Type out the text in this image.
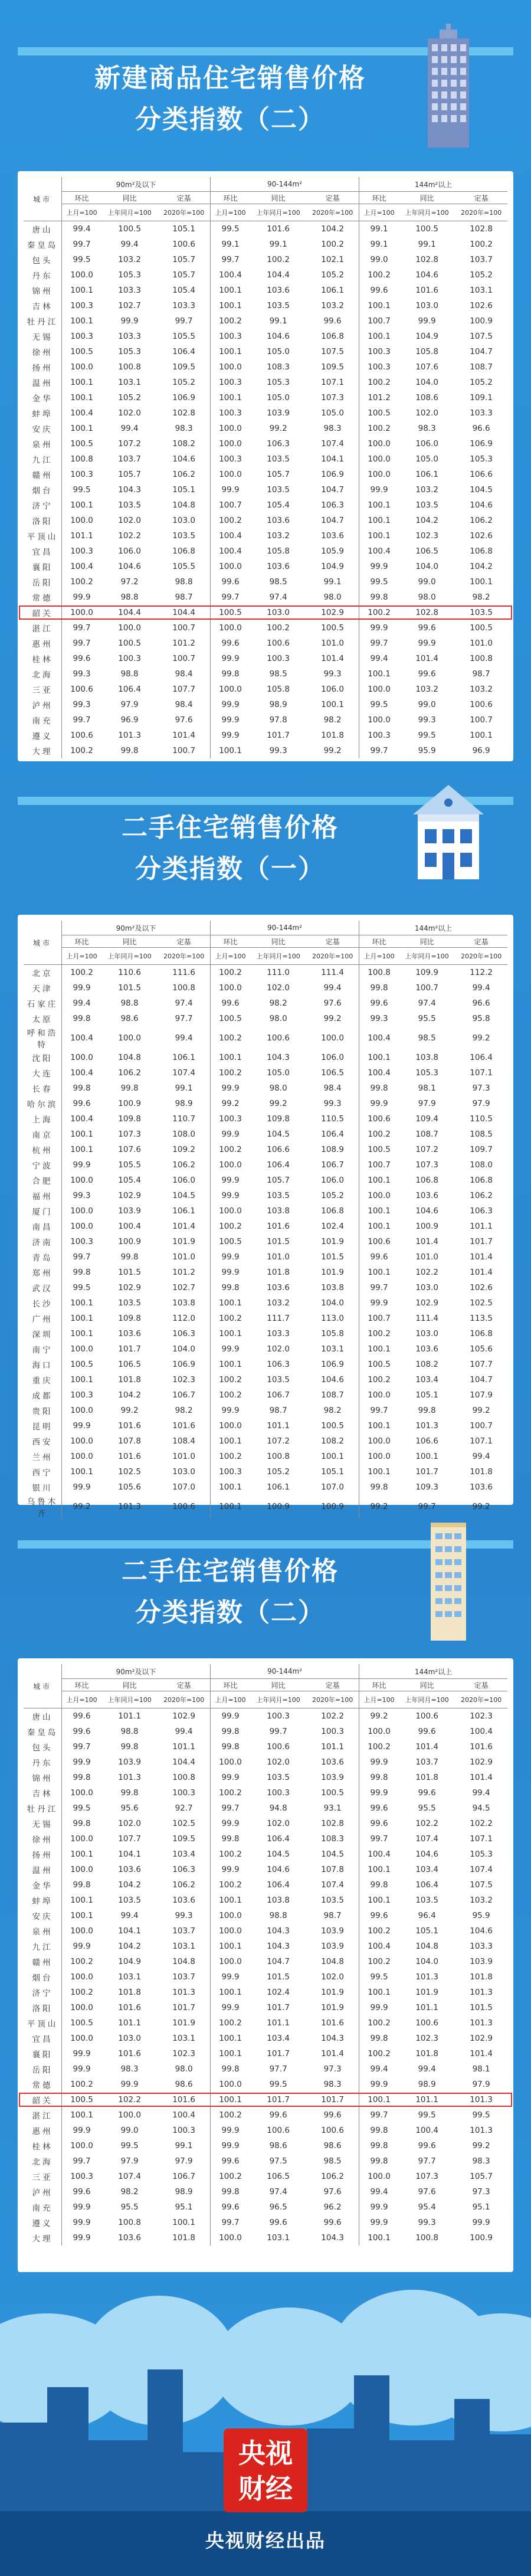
新建商品住宅销售价格
分类指数（二）
城市	90m²及以下			90-144m²			144m²以上		
	环比	同比	定基	环比	同比	定基	环比	同比	定基
	上月=100	上年同月=100	2020年=100	上月=100	上年同月=100	2020年=100	上月=100	上年同月=100	2020年=100
唐山	99.4	100.5	105.1	99.5	101.6	104.2	99.1	100.5	102.8
秦皇岛	99.7	99.4	100.6	99.1	99.1	100.2	99.1	99.1	100.2
包头	99.5	103.2	105.7	99.7	100.2	102.1	99.0	102.8	103.7
丹东	100.0	105.3	105.7	100.4	104.4	105.2	100.2	104.6	105.2
锦州	100.1	103.3	105.4	100.1	103.6	106.1	99.6	101.6	103.1
吉林	100.3	102.7	103.3	100.1	103.5	103.2	100.1	103.0	102.6
牡丹江	100.1	99.9	99.7	100.2	99.1	99.6	100.7	99.9	100.9
无锡	100.3	103.3	105.5	100.3	104.6	106.8	100.1	104.9	107.5
徐州	100.5	105.3	106.4	100.1	105.0	107.5	100.3	105.8	104.7
扬州	100.0	100.8	109.5	100.0	108.3	109.5	100.3	107.6	108.7
温州	100.1	103.1	105.2	100.3	105.3	107.1	100.2	104.0	105.2
金华	100.1	105.2	106.9	100.1	105.0	107.3	101.2	108.6	109.1
蚌埠	100.4	102.0	102.8	100.3	103.9	105.0	100.5	102.0	103.3
安庆	100.1	99.4	98.3	100.0	99.2	98.3	100.2	98.3	96.6
泉州	100.5	107.2	108.2	100.0	106.3	107.4	100.0	106.0	106.9
九江	100.8	103.7	104.6	100.3	103.5	104.1	100.0	105.0	105.3
赣州	100.3	105.7	106.2	100.0	105.7	106.9	100.0	106.1	106.6
烟台	99.5	104.3	105.1	99.9	103.5	104.7	99.9	103.2	104.5
济宁	100.1	103.5	104.8	100.7	105.4	106.3	100.1	103.5	104.6
洛阳	100.0	102.0	103.0	100.2	103.6	104.7	100.1	104.2	106.2
平顶山	101.1	102.2	103.5	100.4	103.2	103.6	100.1	102.3	102.6
宜昌	100.3	106.0	106.8	100.4	105.8	105.9	100.4	106.5	106.8
襄阳	100.4	104.6	105.5	100.0	103.6	104.9	99.9	104.0	104.2
岳阳	100.2	97.2	98.8	99.6	98.5	99.1	99.5	99.0	100.1
常德	99.9	98.8	98.7	99.7	97.4	98.0	99.8	98.0	98.2
韶关	100.0	104.4	104.4	100.5	103.0	102.9	100.2	102.8	103.5
湛江	99.7	100.0	100.7	100.0	100.2	100.5	99.9	99.6	100.5
惠州	99.7	100.5	101.2	99.6	100.6	101.0	99.7	99.9	101.0
桂林	99.6	100.3	100.7	99.9	100.3	101.4	99.4	101.4	100.8
北海	99.3	98.8	98.4	99.8	98.5	99.3	100.1	99.6	98.7
三亚	100.6	106.4	107.7	100.0	105.8	106.0	100.0	103.2	103.2
泸州	99.3	97.9	98.4	99.9	98.9	100.1	99.5	99.0	100.6
南充	99.7	96.9	97.6	99.9	97.8	98.2	100.0	99.3	100.7
遵义	100.6	101.3	101.4	99.9	101.7	101.8	100.3	99.5	100.1
大理	100.2	99.8	100.7	100.1	99.3	99.2	99.7	95.9	96.9
二手住宅销售价格
分类指数（一）
城市	90m²及以下			90-144m²			144m²以上		
	环比	同比	定基	环比	同比	定基	环比	同比	定基
	上月=100	上年同月=100	2020年=100	上月=100	上年同月=100	2020年=100	上月=100	上年同月=100	2020年=100
北京	100.2	110.6	111.6	100.2	111.0	111.4	100.8	109.9	112.2
天津	99.9	101.5	100.8	100.0	102.0	99.4	99.8	100.7	99.4
石家庄	99.4	98.8	97.4	99.6	98.2	97.6	99.6	97.4	96.6
太原	99.8	98.6	97.7	100.5	98.0	99.2	99.3	95.5	95.8
呼和浩特	100.4	100.0	99.4	100.2	100.6	100.0	100.4	98.5	99.2
沈阳	100.0	104.8	106.1	100.1	104.3	106.0	100.1	103.8	106.4
大连	100.4	106.2	107.4	100.2	105.0	106.5	100.4	105.3	107.1
长春	99.8	99.8	99.1	99.9	98.0	98.4	99.8	98.1	97.3
哈尔滨	99.6	100.9	98.9	99.2	99.2	99.3	99.9	97.9	97.9
上海	100.4	109.8	110.7	100.3	109.8	110.5	100.6	109.4	110.5
南京	100.1	107.3	108.0	99.9	104.5	106.4	100.2	108.7	108.5
杭州	100.1	107.6	109.2	100.2	106.6	108.9	100.5	107.2	109.7
宁波	99.9	105.5	106.2	100.0	106.4	106.7	100.7	107.3	108.0
合肥	100.0	105.4	106.0	99.9	105.7	106.0	100.1	106.8	106.8
福州	99.3	102.9	104.5	99.9	103.5	105.2	100.0	103.6	106.2
厦门	100.0	103.9	106.1	100.0	103.8	106.8	100.1	104.6	106.3
南昌	100.0	100.4	101.4	100.2	101.6	102.4	100.1	100.9	101.1
济南	100.3	100.9	101.9	100.5	101.5	101.9	100.6	101.4	101.7
青岛	99.7	99.8	101.0	99.9	101.0	101.5	99.6	101.0	101.4
郑州	99.8	101.5	101.2	99.9	101.8	101.9	100.1	102.2	101.4
武汉	99.5	102.9	102.7	99.8	103.6	103.8	99.7	103.0	102.6
长沙	100.1	103.5	103.8	100.1	103.2	104.0	99.9	102.9	102.5
广州	100.1	109.8	112.0	100.2	111.7	113.0	100.7	111.4	113.5
深圳	100.1	103.6	106.3	100.1	103.3	105.8	100.2	103.0	106.8
南宁	100.0	101.7	104.0	99.9	102.0	103.1	100.1	103.6	105.6
海口	100.5	106.5	106.9	100.1	106.3	106.9	100.5	108.2	107.7
重庆	100.1	101.8	102.3	100.2	103.5	104.6	100.2	103.4	104.7
成都	100.3	104.2	106.7	100.2	106.7	108.7	100.0	105.1	107.9
贵阳	100.0	99.2	98.2	99.9	98.7	98.2	99.7	99.8	99.2
昆明	99.9	101.6	101.6	100.0	101.1	100.5	100.1	101.3	100.7
西安	100.0	107.8	108.4	100.1	107.2	108.2	100.0	106.6	107.1
兰州	100.0	101.6	101.0	100.2	100.8	100.1	100.0	100.1	99.4
西宁	100.1	102.5	103.0	100.3	105.2	105.1	100.1	101.7	101.8
银川	99.9	105.6	107.0	100.1	106.1	107.0	99.8	109.3	103.6
乌鲁木齐	99.2	101.3	100.6	100.1	100.9	100.9	99.2	99.7	99.2
二手住宅销售价格
分类指数（二）
城市	90m²及以下			90-144m²			144m²以上		
	环比	同比	定基	环比	同比	定基	环比	同比	定基
	上月=100	上年同月=100	2020年=100	上月=100	上年同月=100	2020年=100	上月=100	上年同月=100	2020年=100
唐山	99.6	101.1	102.9	99.9	100.3	102.2	99.2	100.6	102.3
秦皇岛	99.6	98.8	99.4	99.8	99.7	100.3	100.0	99.6	100.4
包头	99.7	99.8	101.1	99.8	100.6	101.1	100.2	101.4	101.6
丹东	99.9	103.9	104.4	100.0	102.0	103.6	99.9	103.7	102.9
锦州	99.8	101.3	100.8	99.9	103.5	103.9	99.8	101.8	101.4
吉林	100.0	99.8	100.3	100.2	100.3	100.5	99.9	99.6	99.4
牡丹江	99.5	95.6	92.7	99.7	94.8	93.1	99.6	95.5	94.5
无锡	99.8	102.0	102.5	99.9	102.0	102.8	99.6	102.2	102.2
徐州	100.0	107.7	109.5	99.8	106.4	108.3	99.7	107.4	107.1
扬州	100.1	104.1	103.4	100.2	104.5	104.5	100.4	104.6	105.3
温州	100.0	103.6	106.3	99.9	104.6	107.8	100.1	103.4	107.4
金华	99.8	104.2	106.2	100.2	106.4	107.4	99.8	106.4	107.5
蚌埠	100.1	103.5	103.6	100.1	103.8	103.5	100.1	103.5	103.2
安庆	100.1	99.4	99.3	100.0	98.8	98.7	99.6	96.4	95.9
泉州	100.0	104.1	103.7	100.0	104.3	103.9	100.2	105.1	104.6
九江	99.9	104.2	103.1	100.1	104.3	103.9	100.4	104.8	103.3
赣州	100.2	104.9	104.8	100.0	104.7	104.8	100.2	104.0	103.9
烟台	100.0	103.1	103.7	99.9	101.5	102.0	99.5	101.3	101.8
济宁	100.2	101.8	101.3	100.1	102.4	101.9	100.1	101.9	101.3
洛阳	100.0	101.6	101.7	99.9	101.7	101.9	99.9	101.1	101.5
平顶山	100.5	101.1	101.9	100.2	101.1	101.6	100.2	100.6	101.3
宜昌	100.0	103.0	103.1	100.1	103.4	104.3	99.8	102.3	102.9
襄阳	99.9	101.6	102.3	100.1	101.7	101.4	100.2	101.8	101.4
岳阳	99.9	98.3	98.0	99.8	97.7	97.3	99.4	99.4	98.1
常德	100.2	99.9	98.6	100.0	99.5	98.3	99.9	98.9	97.9
韶关	100.5	102.2	101.6	100.1	101.7	101.7	100.1	101.1	101.3
湛江	100.1	100.0	100.4	100.2	99.6	99.6	99.7	99.5	99.5
惠州	99.9	99.0	100.3	99.9	100.6	100.6	99.8	100.4	101.3
桂林	100.0	99.5	99.1	99.9	98.6	98.6	99.8	99.6	99.2
北海	99.7	97.9	97.9	99.6	97.5	98.5	99.8	97.7	98.3
三亚	100.3	107.4	106.7	100.2	106.5	106.2	100.0	107.3	105.7
泸州	99.6	98.2	98.9	99.8	97.4	97.6	99.4	97.6	97.3
南充	99.9	95.5	95.1	99.6	96.5	96.2	99.9	95.4	95.1
遵义	99.9	100.8	100.1	99.7	99.6	99.6	99.9	99.3	99.9
大理	99.9	103.6	101.8	100.0	103.1	104.3	100.1	100.8	100.9
央视
财经
央视财经出品
